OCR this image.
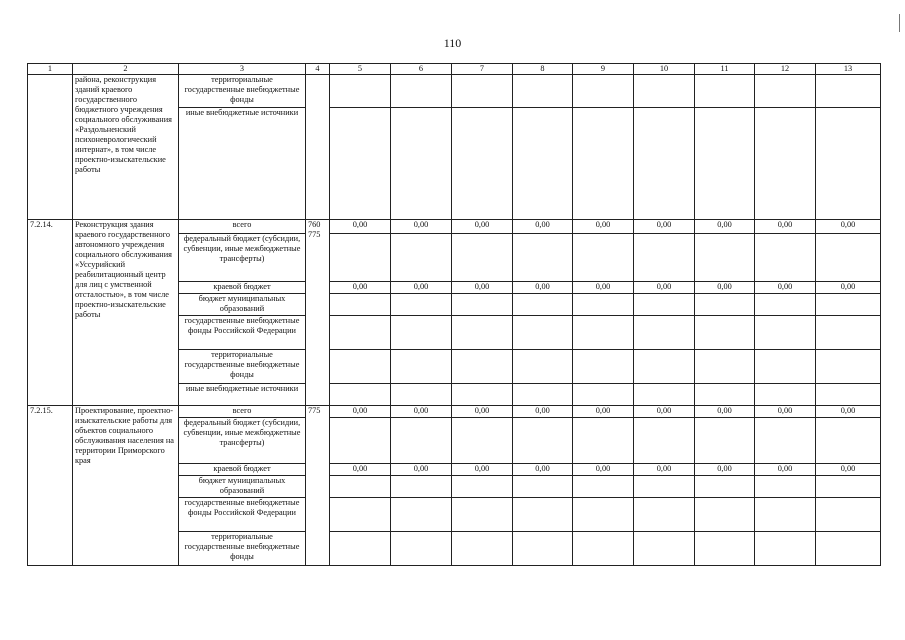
110
1	2	3	4	5	6	7	8	9	10	11	12	13
	района, реконструкция зданий краевого государственного бюджетного учреждения социального обслуживания «Раздольненский психоневрологический интернат», в том числе проектно-изыскательские работы	территориальные государственные внебюджетные фонды										
		иные внебюджетные источники										
7.2.14.	Реконструкция здания краевого государственного автономного учреждения социального обслуживания «Уссурийский реабилитационный центр для лиц с умственной отсталостью», в том числе проектно-изыскательские работы	всего	760 775	0,00	0,00	0,00	0,00	0,00	0,00	0,00	0,00	0,00
		федеральный бюджет (субсидии, субвенции, иные межбюджетные трансферты)										
		краевой бюджет		0,00	0,00	0,00	0,00	0,00	0,00	0,00	0,00	0,00
		бюджет муниципальных образований										
		государственные внебюджетные фонды Российской Федерации										
		территориальные государственные внебюджетные фонды										
		иные внебюджетные источники										
7.2.15.	Проектирование, проектно-изыскательские работы для объектов социального обслуживания населения на территории Приморского края	всего	775	0,00	0,00	0,00	0,00	0,00	0,00	0,00	0,00	0,00
		федеральный бюджет (субсидии, субвенции, иные межбюджетные трансферты)										
		краевой бюджет		0,00	0,00	0,00	0,00	0,00	0,00	0,00	0,00	0,00
		бюджет муниципальных образований										
		государственные внебюджетные фонды Российской Федерации										
		территориальные государственные внебюджетные фонды										
